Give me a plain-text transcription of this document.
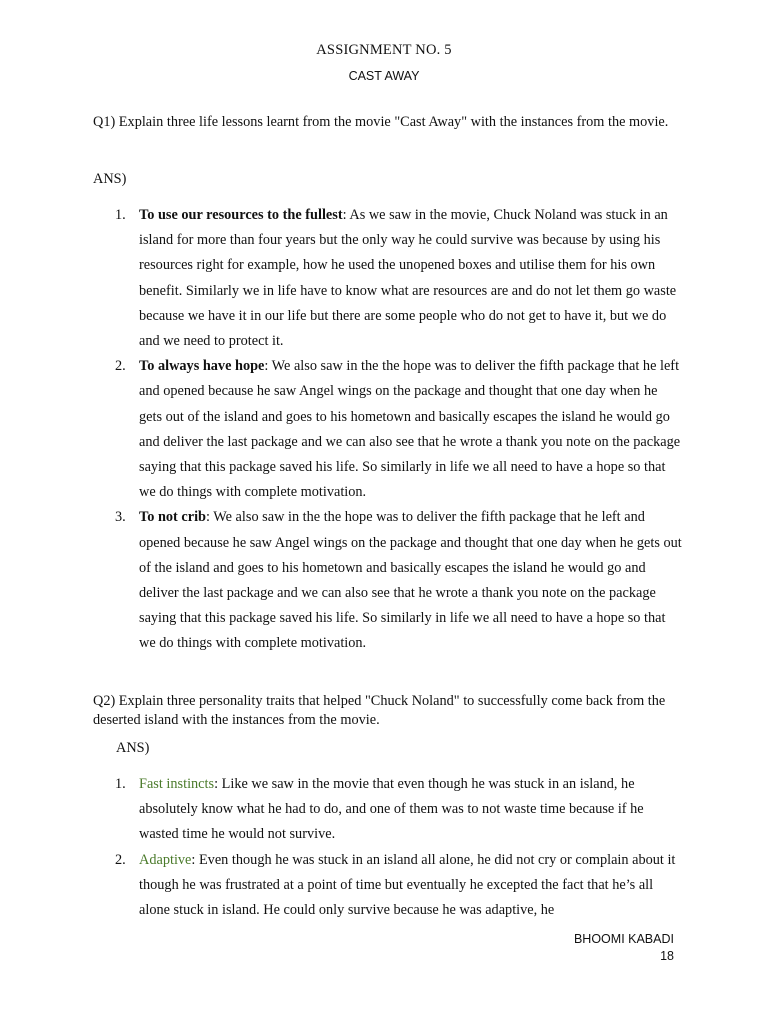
ASSIGNMENT NO. 5
CAST AWAY
Q1) Explain three life lessons learnt from the movie "Cast Away" with the instances from the movie.
ANS)
1. To use our resources to the fullest: As we saw in the movie, Chuck Noland was stuck in an island for more than four years but the only way he could survive was because by using his resources right for example, how he used the unopened boxes and utilise them for his own benefit. Similarly we in life have to know what are resources are and do not let them go waste because we have it in our life but there are some people who do not get to have it, but we do and we need to protect it.
2. To always have hope: We also saw in the the hope was to deliver the fifth package that he left and opened because he saw Angel wings on the package and thought that one day when he gets out of the island and goes to his hometown and basically escapes the island he would go and deliver the last package and we can also see that he wrote a thank you note on the package saying that this package saved his life. So similarly in life we all need to have a hope so that we do things with complete motivation.
3. To not crib: We also saw in the the hope was to deliver the fifth package that he left and opened because he saw Angel wings on the package and thought that one day when he gets out of the island and goes to his hometown and basically escapes the island he would go and deliver the last package and we can also see that he wrote a thank you note on the package saying that this package saved his life. So similarly in life we all need to have a hope so that we do things with complete motivation.
Q2) Explain three personality traits that helped "Chuck Noland" to successfully come back from the deserted island with the instances from the movie.
ANS)
1. Fast instincts: Like we saw in the movie that even though he was stuck in an island, he absolutely know what he had to do, and one of them was to not waste time because if he wasted time he would not survive.
2. Adaptive: Even though he was stuck in an island all alone, he did not cry or complain about it though he was frustrated at a point of time but eventually he excepted the fact that he’s all alone stuck in island. He could only survive because he was adaptive, he
BHOOMI KABADI
18
